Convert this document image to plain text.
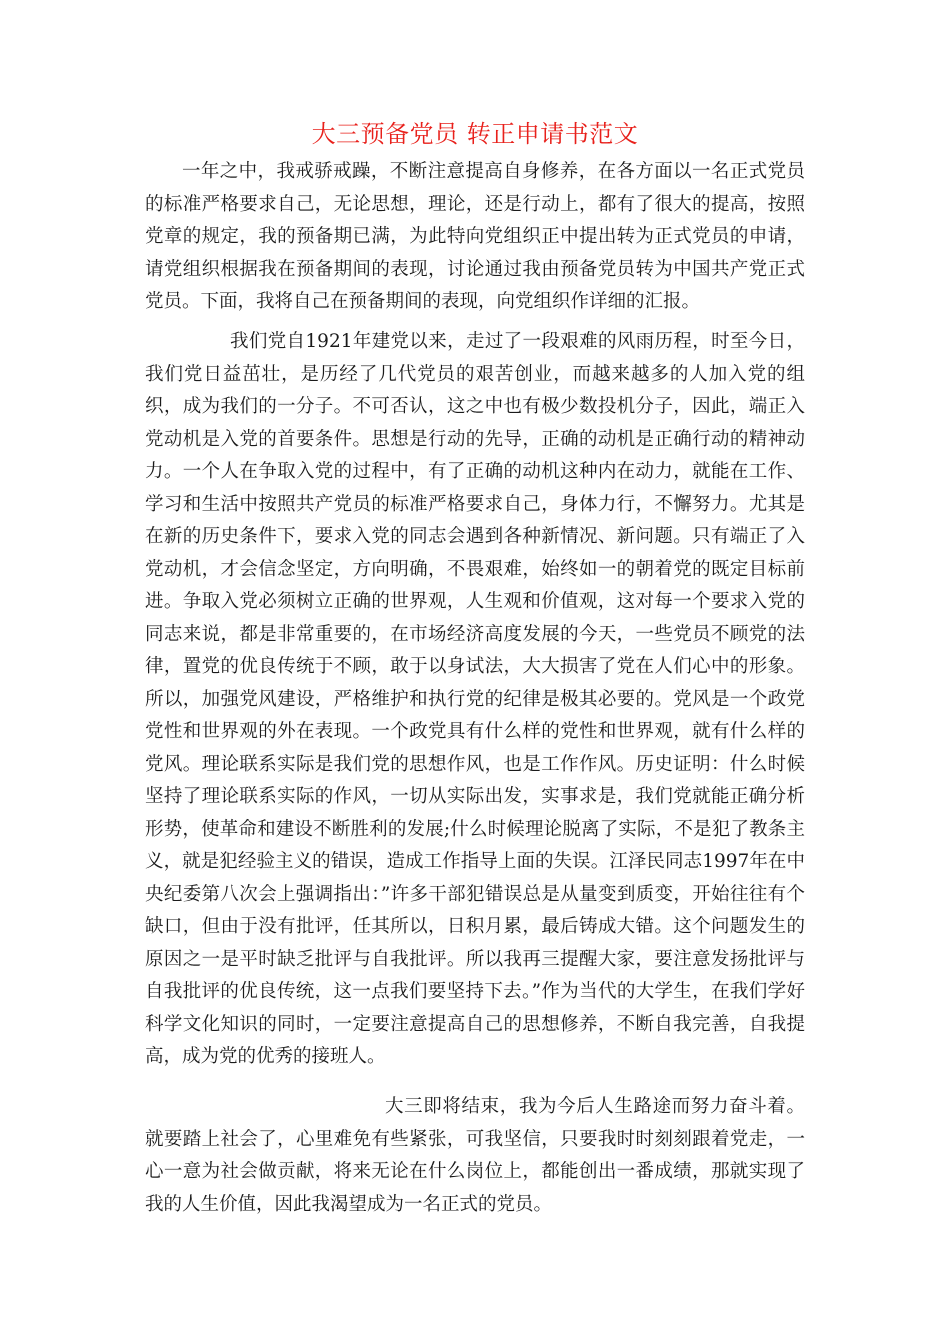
大三预备党员 转正申请书范文

一年之中，我戒骄戒躁，不断注意提高自身修养，在各方面以一名正式党员的标准严格要求自己，无论思想，理论，还是行动上，都有了很大的提高，按照党章的规定，我的预备期已满，为此特向党组织正中提出转为正式党员的申请，请党组织根据我在预备期间的表现，讨论通过我由预备党员转为中国共产党正式党员。下面，我将自己在预备期间的表现，向党组织作详细的汇报。

我们党自1921年建党以来，走过了一段艰难的风雨历程，时至今日，我们党日益茁壮，是历经了几代党员的艰苦创业，而越来越多的人加入党的组织，成为我们的一分子。不可否认，这之中也有极少数投机分子，因此，端正入党动机是入党的首要条件。思想是行动的先导，正确的动机是正确行动的精神动力。一个人在争取入党的过程中，有了正确的动机这种内在动力，就能在工作、学习和生活中按照共产党员的标准严格要求自己，身体力行，不懈努力。尤其是在新的历史条件下，要求入党的同志会遇到各种新情况、新问题。只有端正了入党动机，才会信念坚定，方向明确，不畏艰难，始终如一的朝着党的既定目标前进。争取入党必须树立正确的世界观，人生观和价值观，这对每一个要求入党的同志来说，都是非常重要的，在市场经济高度发展的今天，一些党员不顾党的法律，置党的优良传统于不顾，敢于以身试法，大大损害了党在人们心中的形象。所以，加强党风建设，严格维护和执行党的纪律是极其必要的。党风是一个政党党性和世界观的外在表现。一个政党具有什么样的党性和世界观，就有什么样的党风。理论联系实际是我们党的思想作风，也是工作作风。历史证明：什么时候坚持了理论联系实际的作风，一切从实际出发，实事求是，我们党就能正确分析形势，使革命和建设不断胜利的发展;什么时候理论脱离了实际，不是犯了教条主义，就是犯经验主义的错误，造成工作指导上面的失误。江泽民同志1997年在中央纪委第八次会上强调指出：”许多干部犯错误总是从量变到质变，开始往往有个缺口，但由于没有批评，任其所以，日积月累，最后铸成大错。这个问题发生的原因之一是平时缺乏批评与自我批评。所以我再三提醒大家，要注意发扬批评与自我批评的优良传统，这一点我们要坚持下去。”作为当代的大学生，在我们学好科学文化知识的同时，一定要注意提高自己的思想修养，不断自我完善，自我提高，成为党的优秀的接班人。

大三即将结束，我为今后人生路途而努力奋斗着。就要踏上社会了，心里难免有些紧张，可我坚信，只要我时时刻刻跟着党走，一心一意为社会做贡献，将来无论在什么岗位上，都能创出一番成绩，那就实现了我的人生价值，因此我渴望成为一名正式的党员。
